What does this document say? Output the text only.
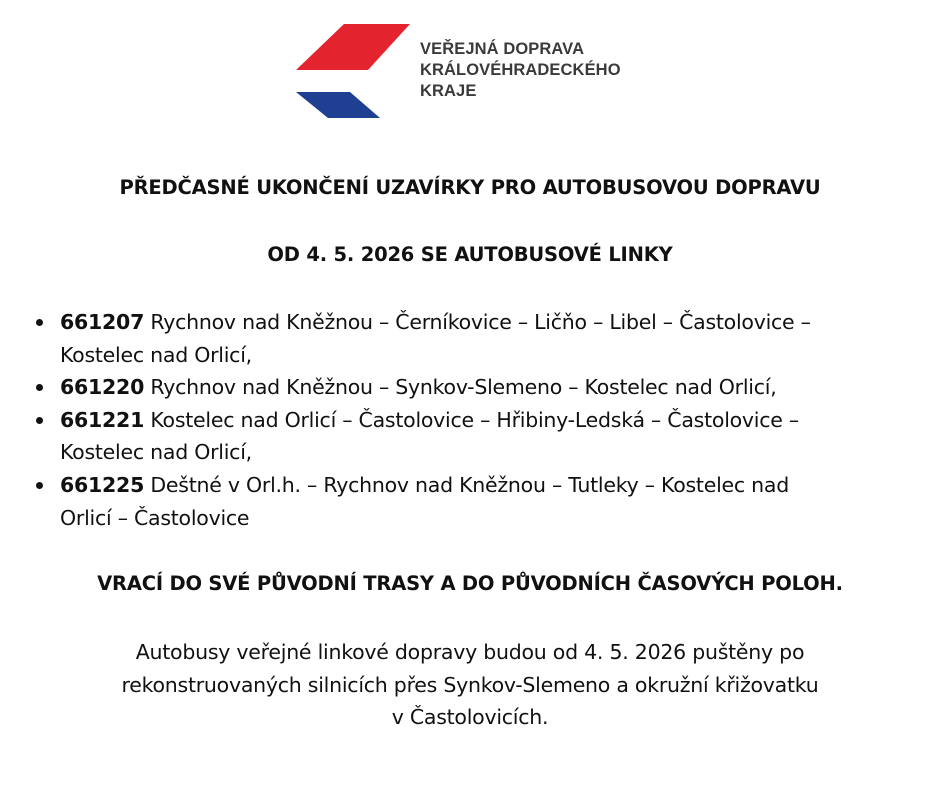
VEŘEJNÁ DOPRAVA
KRÁLOVÉHRADECKÉHO
KRAJE
PŘEDČASNÉ UKONČENÍ UZAVÍRKY PRO AUTOBUSOVOU DOPRAVU
OD 4. 5. 2026 SE AUTOBUSOVÉ LINKY
661207 Rychnov nad Kněžnou – Černíkovice – Ličňo – Libel – Častolovice –
Kostelec nad Orlicí,
661220 Rychnov nad Kněžnou – Synkov-Slemeno – Kostelec nad Orlicí,
661221 Kostelec nad Orlicí – Častolovice – Hřibiny-Ledská – Častolovice –
Kostelec nad Orlicí,
661225 Deštné v Orl.h. – Rychnov nad Kněžnou – Tutleky – Kostelec nad
Orlicí – Častolovice
VRACÍ DO SVÉ PŮVODNÍ TRASY A DO PŮVODNÍCH ČASOVÝCH POLOH.
Autobusy veřejné linkové dopravy budou od 4. 5. 2026 puštěny po
rekonstruovaných silnicích přes Synkov-Slemeno a okružní křižovatku
v Častolovicích.
